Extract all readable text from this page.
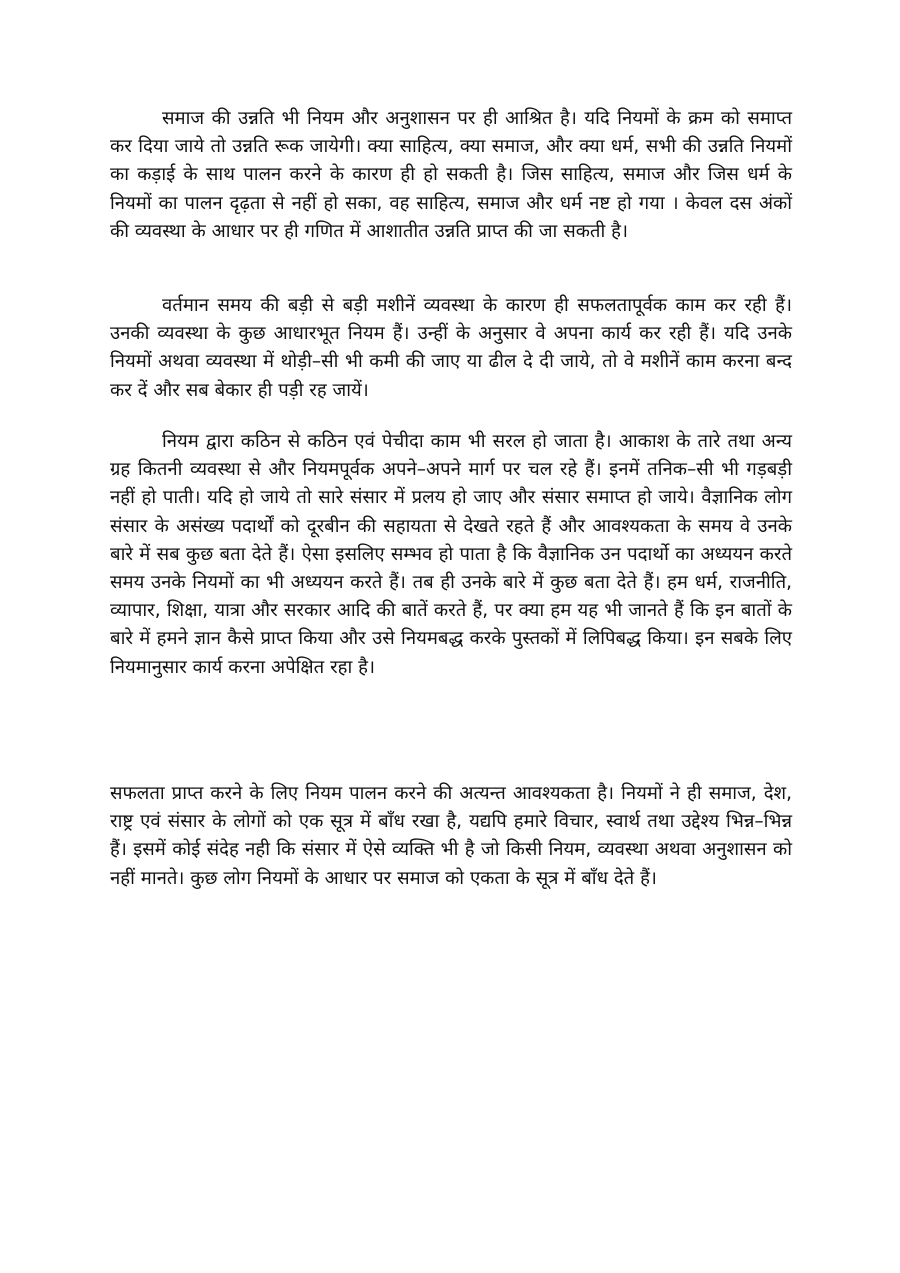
समाज की उन्नति भी नियम और अनुशासन पर ही आश्रित है। यदि नियमों के क्रम को समाप्त कर दिया जाये तो उन्नति रूक जायेगी। क्या साहित्य, क्या समाज, और क्या धर्म, सभी की उन्नति नियमों का कड़ाई के साथ पालन करने के कारण ही हो सकती है। जिस साहित्य, समाज और जिस धर्म के नियमों का पालन दृढ़ता से नहीं हो सका, वह साहित्य, समाज और धर्म नष्ट हो गया । केवल दस अंकों की व्यवस्था के आधार पर ही गणित में आशातीत उन्नति प्राप्त की जा सकती है।

वर्तमान समय की बड़ी से बड़ी मशीनें व्यवस्था के कारण ही सफलतापूर्वक काम कर रही हैं। उनकी व्यवस्था के कुछ आधारभूत नियम हैं। उन्हीं के अनुसार वे अपना कार्य कर रही हैं। यदि उनके नियमों अथवा व्यवस्था में थोड़ी–सी भी कमी की जाए या ढील दे दी जाये, तो वे मशीनें काम करना बन्द कर दें और सब बेकार ही पड़ी रह जायें।

नियम द्वारा कठिन से कठिन एवं पेचीदा काम भी सरल हो जाता है। आकाश के तारे तथा अन्य ग्रह कितनी व्यवस्था से और नियमपूर्वक अपने–अपने मार्ग पर चल रहे हैं। इनमें तनिक–सी भी गड़बड़ी नहीं हो पाती। यदि हो जाये तो सारे संसार में प्रलय हो जाए और संसार समाप्त हो जाये। वैज्ञानिक लोग संसार के असंख्य पदार्थों को दूरबीन की सहायता से देखते रहते हैं और आवश्यकता के समय वे उनके बारे में सब कुछ बता देते हैं। ऐसा इसलिए सम्भव हो पाता है कि वैज्ञानिक उन पदार्थो का अध्ययन करते समय उनके नियमों का भी अध्ययन करते हैं। तब ही उनके बारे में कुछ बता देते हैं। हम धर्म, राजनीति, व्यापार, शिक्षा, यात्रा और सरकार आदि की बातें करते हैं, पर क्या हम यह भी जानते हैं कि इन बातों के बारे में हमने ज्ञान कैसे प्राप्त किया और उसे नियमबद्ध करके पुस्तकों में लिपिबद्ध किया। इन सबके लिए नियमानुसार कार्य करना अपेक्षित रहा है।

सफलता प्राप्त करने के लिए नियम पालन करने की अत्यन्त आवश्यकता है। नियमों ने ही समाज, देश, राष्ट्र एवं संसार के लोगों को एक सूत्र में बाँध रखा है, यद्यपि हमारे विचार, स्वार्थ तथा उद्देश्य भिन्न–भिन्न हैं। इसमें कोई संदेह नही कि संसार में ऐसे व्यक्ति भी है जो किसी नियम, व्यवस्था अथवा अनुशासन को नहीं मानते। कुछ लोग नियमों के आधार पर समाज को एकता के सूत्र में बाँध देते हैं।
